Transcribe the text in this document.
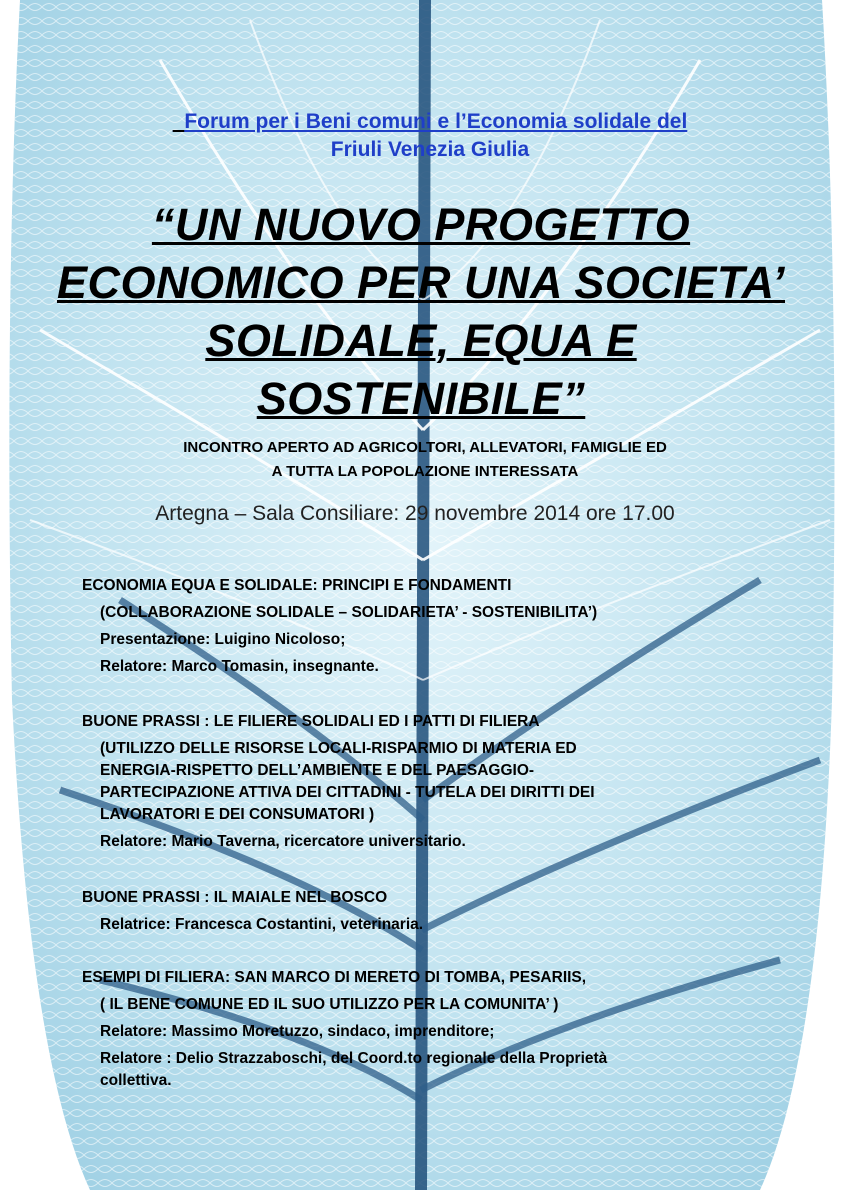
Forum per i Beni comuni e l’Economia solidale del
Friuli Venezia Giulia
“UN NUOVO PROGETTO
ECONOMICO PER UNA SOCIETA’
SOLIDALE, EQUA E
SOSTENIBILE”
INCONTRO APERTO AD AGRICOLTORI, ALLEVATORI, FAMIGLIE ED
A TUTTA LA POPOLAZIONE INTERESSATA
Artegna – Sala Consiliare: 29 novembre 2014 ore 17.00
ECONOMIA EQUA E SOLIDALE: PRINCIPI E FONDAMENTI
(COLLABORAZIONE SOLIDALE – SOLIDARIETA’ - SOSTENIBILITA’)
Presentazione: Luigino Nicoloso;
Relatore: Marco Tomasin, insegnante.
BUONE PRASSI : LE FILIERE SOLIDALI ED I PATTI DI FILIERA
(UTILIZZO DELLE RISORSE LOCALI-RISPARMIO DI MATERIA ED
ENERGIA-RISPETTO DELL’AMBIENTE E DEL PAESAGGIO-
PARTECIPAZIONE ATTIVA DEI CITTADINI - TUTELA DEI DIRITTI DEI
LAVORATORI E DEI CONSUMATORI )
Relatore: Mario Taverna, ricercatore universitario.
BUONE PRASSI : IL MAIALE NEL BOSCO
Relatrice: Francesca Costantini, veterinaria.
ESEMPI DI FILIERA: SAN MARCO DI MERETO DI TOMBA, PESARIIS,
( IL BENE COMUNE ED IL SUO UTILIZZO PER LA COMUNITA’ )
Relatore: Massimo Moretuzzo, sindaco, imprenditore;
Relatore : Delio Strazzaboschi, del Coord.to regionale della Proprietà
collettiva.
